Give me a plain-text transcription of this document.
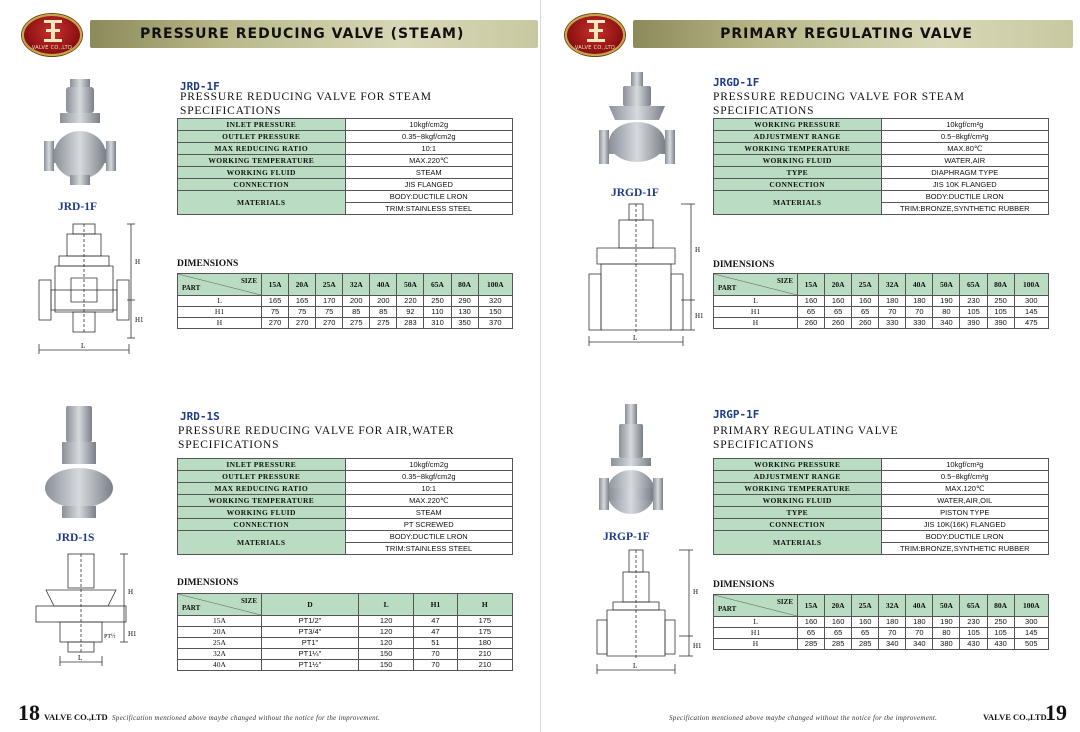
VALVE CO.,LTD
PRESSURE REDUCING VALVE (STEAM)
JRD-1F
PRESSURE REDUCING VALVE FOR STEAM
SPECIFICATIONS
JRD-1F
H
H1
L
INLET PRESSURE	10kgf/cm2g
OUTLET PRESSURE	0.35~8kgf/cm2g
MAX REDUCING RATIO	10:1
WORKING TEMPERATURE	MAX.220℃
WORKING FLUID	STEAM
CONNECTION	JIS FLANGED
MATERIALS	BODY:DUCTILE LRON
	TRIM:STAINLESS STEEL
DIMENSIONS
SIZE
PART	15A	20A	25A	32A	40A	50A	65A	80A	100A
L	165	165	170	200	200	220	250	290	320
H1	75	75	75	85	85	92	110	130	150
H	270	270	270	275	275	283	310	350	370
JRD-1S
PRESSURE REDUCING VALVE FOR AIR,WATER
SPECIFICATIONS
JRD-1S
H
PT½ H1
L
INLET PRESSURE	10kgf/cm2g
OUTLET PRESSURE	0.35~8kgf/cm2g
MAX REDUCING RATIO	10:1
WORKING TEMPERATURE	MAX.220℃
WORKING FLUID	STEAM
CONNECTION	PT SCREWED
MATERIALS	BODY:DUCTILE LRON
	TRIM:STAINLESS STEEL
DIMENSIONS
SIZE
PART	D	L	H1	H
15A	PT1/2"	120	47	175
20A	PT3/4"	120	47	175
25A	PT1"	120	51	180
32A	PT1¼"	150	70	210
40A	PT1½"	150	70	210
18 VALVE CO.,LTD Specification mentioned above maybe changed without the notice for the improvement.
PRIMARY REGULATING VALVE
VALVE CO.,LTD
JRGD-1F
PRESSURE REDUCING VALVE FOR STEAM
SPECIFICATIONS
JRGD-1F
H
H1
L
WORKING PRESSURE	10kgf/cm²g
ADJUSTMENT RANGE	0.5~8kgf/cm²g
WORKING TEMPERATURE	MAX.80℃
WORKING FLUID	WATER,AIR
TYPE	DIAPHRAGM TYPE
CONNECTION	JIS 10K FLANGED
MATERIALS	BODY:DUCTILE LRON
	TRIM:BRONZE,SYNTHETIC RUBBER
DIMENSIONS
SIZE
PART	15A	20A	25A	32A	40A	50A	65A	80A	100A
L	160	160	160	180	180	190	230	250	300
H1	65	65	65	70	70	80	105	105	145
H	260	260	260	330	330	340	390	390	475
JRGP-1F
PRIMARY REGULATING VALVE
SPECIFICATIONS
JRGP-1F
H
H1
L
WORKING PRESSURE	10kgf/cm²g
ADJUSTMENT RANGE	0.5~8kgf/cm²g
WORKING TEMPERATURE	MAX.120℃
WORKING FLUID	WATER,AIR,OIL
TYPE	PISTON TYPE
CONNECTION	JIS 10K(16K) FLANGED
MATERIALS	BODY:DUCTILE LRON
	TRIM:BRONZE,SYNTHETIC RUBBER
DIMENSIONS
SIZE
PART	15A	20A	25A	32A	40A	50A	65A	80A	100A
L	160	160	160	180	180	190	230	250	300
H1	65	65	65	70	70	80	105	105	145
H	285	285	285	340	340	380	430	430	505
Specification mentioned above maybe changed without the notice for the improvement.	VALVE CO.,LTD
19
